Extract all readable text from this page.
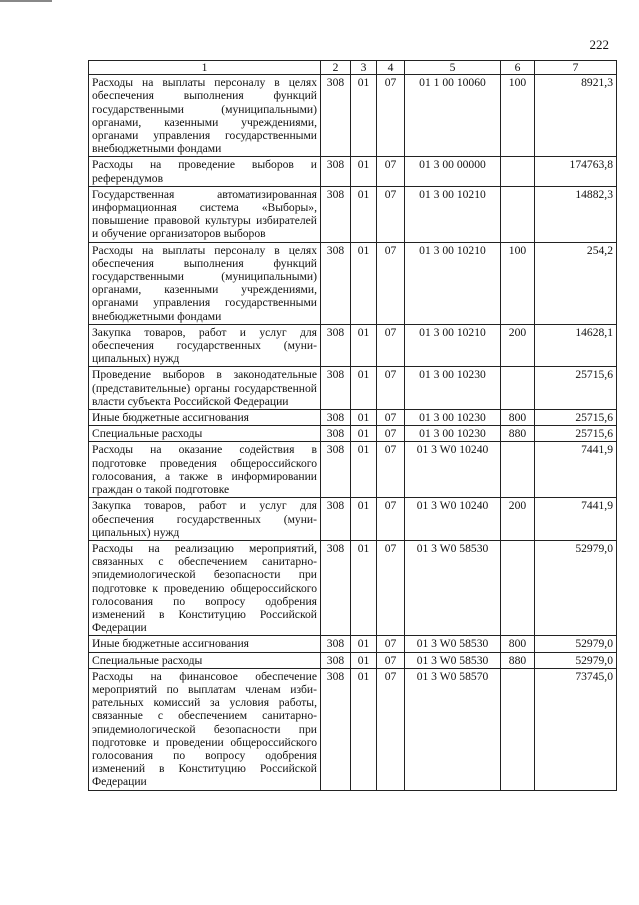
222
1	2	3	4	5	6	7
Расходы на выплаты персоналу в целях обеспечения выполнения функций государственными (муниципальными) органами, казенными учреждениями, органами управления государственными внебюджетными фондами	308	01	07	01 1 00 10060	100	8921,3
Расходы на проведение выборов и референдумов	308	01	07	01 3 00 00000		174763,8
Государственная автоматизированная информационная система «Выборы», повышение правовой культуры избирателей и обучение организаторов выборов	308	01	07	01 3 00 10210		14882,3
Расходы на выплаты персоналу в целях обеспечения выполнения функций государственными (муниципальными) органами, казенными учреждениями, органами управления государственными внебюджетными фондами	308	01	07	01 3 00 10210	100	254,2
Закупка товаров, работ и услуг для обеспечения государственных (муниципальных) нужд	308	01	07	01 3 00 10210	200	14628,1
Проведение выборов в законодательные (представительные) органы государственной власти субъекта Российской Федерации	308	01	07	01 3 00 10230		25715,6
Иные бюджетные ассигнования	308	01	07	01 3 00 10230	800	25715,6
Специальные расходы	308	01	07	01 3 00 10230	880	25715,6
Расходы на оказание содействия в подготовке проведения общероссийского голосования, а также в информировании граждан о такой подготовке	308	01	07	01 3 W0 10240		7441,9
Закупка товаров, работ и услуг для обеспечения государственных (муниципальных) нужд	308	01	07	01 3 W0 10240	200	7441,9
Расходы на реализацию мероприятий, связанных с обеспечением санитарно-эпидемиологической безопасности при подготовке к проведению общероссийского голосования по вопросу одобрения изменений в Конституцию Российской Федерации	308	01	07	01 3 W0 58530		52979,0
Иные бюджетные ассигнования	308	01	07	01 3 W0 58530	800	52979,0
Специальные расходы	308	01	07	01 3 W0 58530	880	52979,0
Расходы на финансовое обеспечение мероприятий по выплатам членам избирательных комиссий за условия работы, связанные с обеспечением санитарно-эпидемиологической безопасности при подготовке и проведении общероссийского голосования по вопросу одобрения изменений в Конституцию Российской Федерации	308	01	07	01 3 W0 58570		73745,0
